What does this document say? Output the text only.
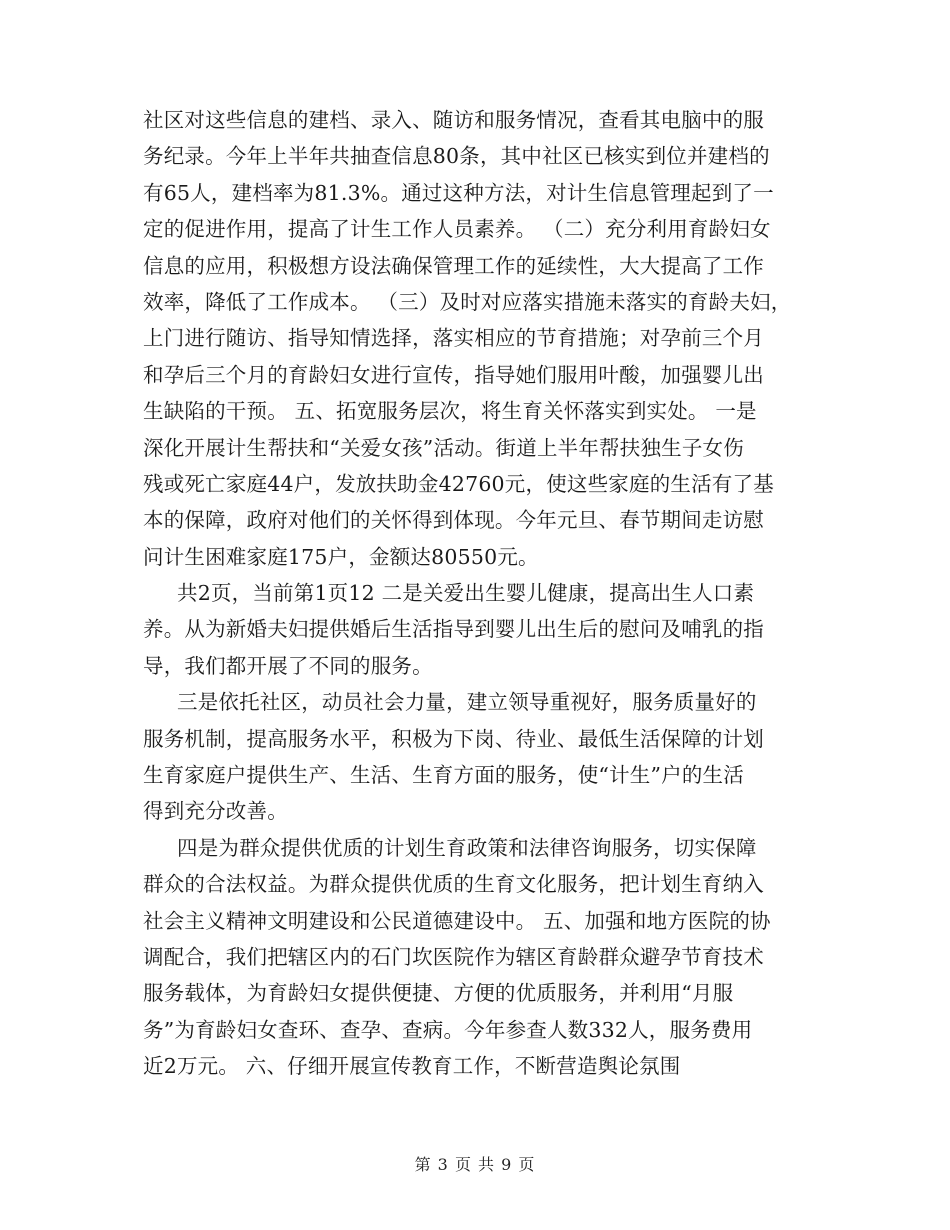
社区对这些信息的建档、录入、随访和服务情况，查看其电脑中的服
务纪录。今年上半年共抽查信息80条，其中社区已核实到位并建档的
有65人，建档率为81.3%。通过这种方法，对计生信息管理起到了一
定的促进作用，提高了计生工作人员素养。 （二）充分利用育龄妇女
信息的应用，积极想方设法确保管理工作的延续性，大大提高了工作
效率，降低了工作成本。 （三）及时对应落实措施未落实的育龄夫妇，
上门进行随访、指导知情选择，落实相应的节育措施；对孕前三个月
和孕后三个月的育龄妇女进行宣传，指导她们服用叶酸，加强婴儿出
生缺陷的干预。 五、拓宽服务层次，将生育关怀落实到实处。 一是
深化开展计生帮扶和“关爱女孩”活动。街道上半年帮扶独生子女伤
残或死亡家庭44户，发放扶助金42760元，使这些家庭的生活有了基
本的保障，政府对他们的关怀得到体现。今年元旦、春节期间走访慰
问计生困难家庭175户，金额达80550元。
共2页，当前第1页12 二是关爱出生婴儿健康，提高出生人口素
养。从为新婚夫妇提供婚后生活指导到婴儿出生后的慰问及哺乳的指
导，我们都开展了不同的服务。
三是依托社区，动员社会力量，建立领导重视好，服务质量好的
服务机制，提高服务水平，积极为下岗、待业、最低生活保障的计划
生育家庭户提供生产、生活、生育方面的服务，使“计生”户的生活
得到充分改善。
四是为群众提供优质的计划生育政策和法律咨询服务，切实保障
群众的合法权益。为群众提供优质的生育文化服务，把计划生育纳入
社会主义精神文明建设和公民道德建设中。 五、加强和地方医院的协
调配合，我们把辖区内的石门坎医院作为辖区育龄群众避孕节育技术
服务载体，为育龄妇女提供便捷、方便的优质服务，并利用“月服
务”为育龄妇女查环、查孕、查病。今年参查人数332人，服务费用
近2万元。 六、仔细开展宣传教育工作，不断营造舆论氛围
第 3 页 共 9 页
